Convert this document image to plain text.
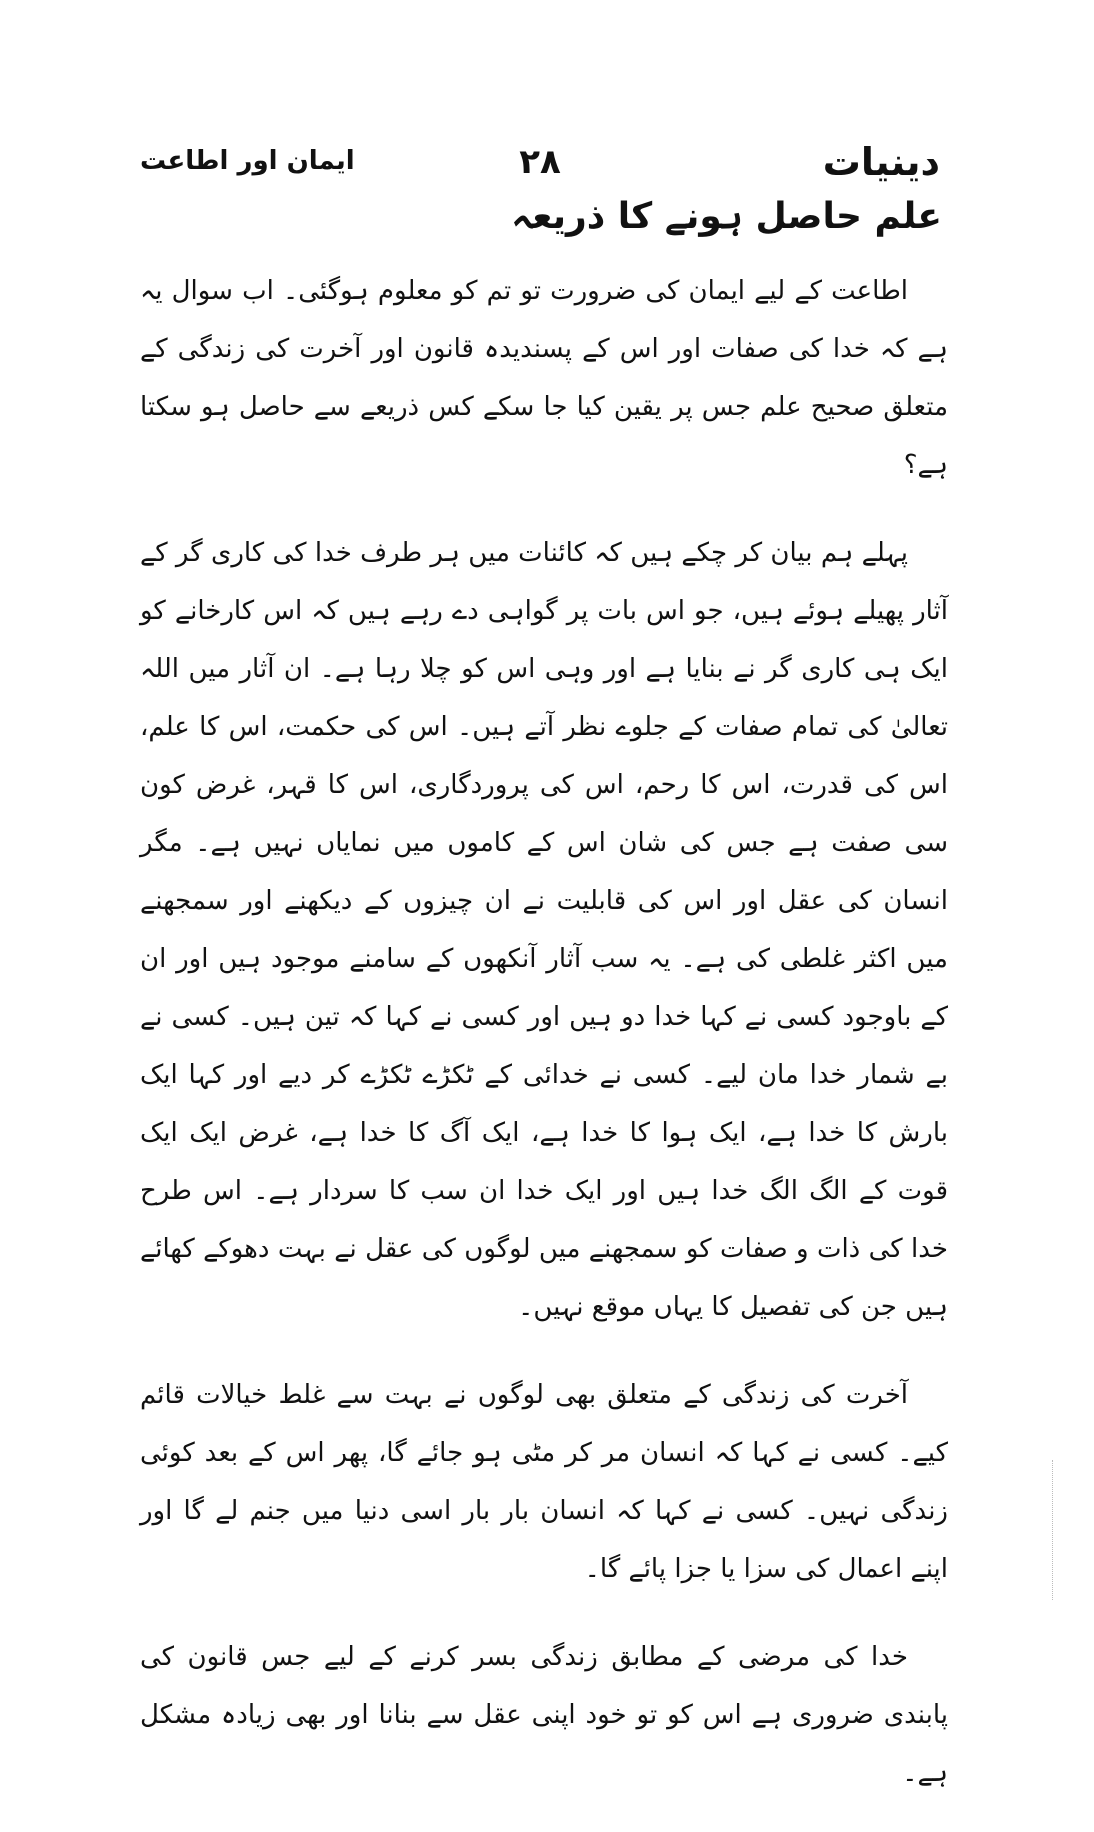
دینیات
۲۸
ایمان اور اطاعت
علم حاصل ہونے کا ذریعہ

اطاعت کے لیے ایمان کی ضرورت تو تم کو معلوم ہوگئی۔ اب سوال یہ ہے کہ خدا کی صفات اور اس کے پسندیدہ قانون اور آخرت کی زندگی کے متعلق صحیح علم جس پر یقین کیا جا سکے کس ذریعے سے حاصل ہو سکتا ہے؟

پہلے ہم بیان کر چکے ہیں کہ کائنات میں ہر طرف خدا کی کاری گر کے آثار پھیلے ہوئے ہیں، جو اس بات پر گواہی دے رہے ہیں کہ اس کارخانے کو ایک ہی کاری گر نے بنایا ہے اور وہی اس کو چلا رہا ہے۔ ان آثار میں اللہ تعالیٰ کی تمام صفات کے جلوے نظر آتے ہیں۔ اس کی حکمت، اس کا علم، اس کی قدرت، اس کا رحم، اس کی پروردگاری، اس کا قہر، غرض کون سی صفت ہے جس کی شان اس کے کاموں میں نمایاں نہیں ہے۔ مگر انسان کی عقل اور اس کی قابلیت نے ان چیزوں کے دیکھنے اور سمجھنے میں اکثر غلطی کی ہے۔ یہ سب آثار آنکھوں کے سامنے موجود ہیں اور ان کے باوجود کسی نے کہا خدا دو ہیں اور کسی نے کہا کہ تین ہیں۔ کسی نے بے شمار خدا مان لیے۔ کسی نے خدائی کے ٹکڑے ٹکڑے کر دیے اور کہا ایک بارش کا خدا ہے، ایک ہوا کا خدا ہے، ایک آگ کا خدا ہے، غرض ایک ایک قوت کے الگ الگ خدا ہیں اور ایک خدا ان سب کا سردار ہے۔ اس طرح خدا کی ذات و صفات کو سمجھنے میں لوگوں کی عقل نے بہت دھوکے کھائے ہیں جن کی تفصیل کا یہاں موقع نہیں۔

آخرت کی زندگی کے متعلق بھی لوگوں نے بہت سے غلط خیالات قائم کیے۔ کسی نے کہا کہ انسان مر کر مٹی ہو جائے گا، پھر اس کے بعد کوئی زندگی نہیں۔ کسی نے کہا کہ انسان بار بار اسی دنیا میں جنم لے گا اور اپنے اعمال کی سزا یا جزا پائے گا۔

خدا کی مرضی کے مطابق زندگی بسر کرنے کے لیے جس قانون کی پابندی ضروری ہے اس کو تو خود اپنی عقل سے بنانا اور بھی زیادہ مشکل ہے۔
